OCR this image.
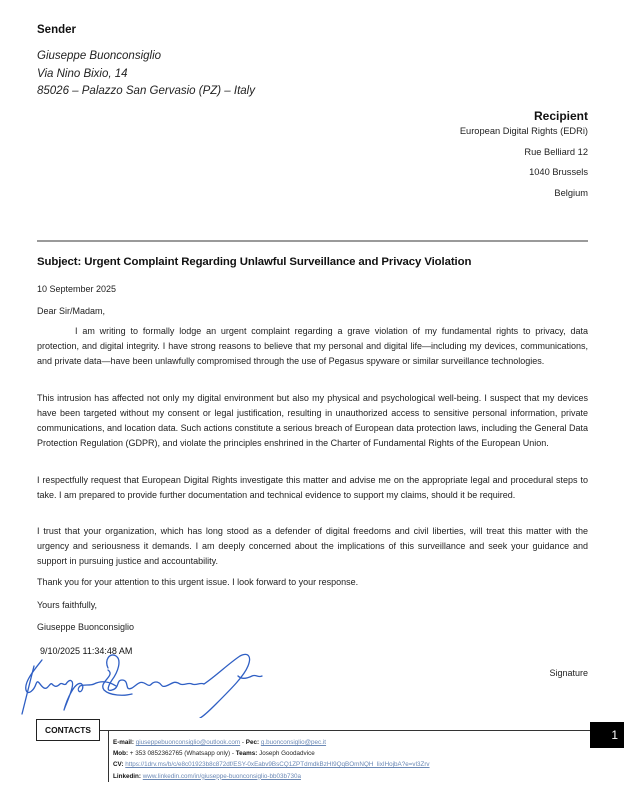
Sender
Giuseppe Buonconsiglio
Via Nino Bixio, 14
85026 – Palazzo San Gervasio (PZ) – Italy
Recipient
European Digital Rights (EDRi)
Rue Belliard 12
1040 Brussels
Belgium
Subject: Urgent Complaint Regarding Unlawful Surveillance and Privacy Violation
10 September 2025
Dear Sir/Madam,

I am writing to formally lodge an urgent complaint regarding a grave violation of my fundamental rights to privacy, data protection, and digital integrity. I have strong reasons to believe that my personal and digital life—including my devices, communications, and private data—have been unlawfully compromised through the use of Pegasus spyware or similar surveillance technologies.

This intrusion has affected not only my digital environment but also my physical and psychological well-being. I suspect that my devices have been targeted without my consent or legal justification, resulting in unauthorized access to sensitive personal information, private communications, and location data. Such actions constitute a serious breach of European data protection laws, including the General Data Protection Regulation (GDPR), and violate the principles enshrined in the Charter of Fundamental Rights of the European Union.

I respectfully request that European Digital Rights investigate this matter and advise me on the appropriate legal and procedural steps to take. I am prepared to provide further documentation and technical evidence to support my claims, should it be required.

I trust that your organization, which has long stood as a defender of digital freedoms and civil liberties, will treat this matter with the urgency and seriousness it demands. I am deeply concerned about the implications of this surveillance and seek your guidance and support in pursuing justice and accountability.

Thank you for your attention to this urgent issue. I look forward to your response.

Yours faithfully,
Giuseppe Buonconsiglio
9/10/2025 11:34:48 AM
Signature
CONTACTS
E-mail: giuseppebuonconsiglio@outlook.com - Pec: g.buonconsiglio@pec.it
Mob: + 353 0852362765 (Whatsapp only) - Teams: Joseph Goodadvice
CV: https://1drv.ms/b/c/e8c01923b8c872df/ESY-0xEabv9BsCQ1ZPTdmdkBzHI9QqBOmNQH_lixIHojbA?e=vl3Zrv
Linkedin: www.linkedin.com/in/giuseppe-buonconsiglio-bb03b730a
1
